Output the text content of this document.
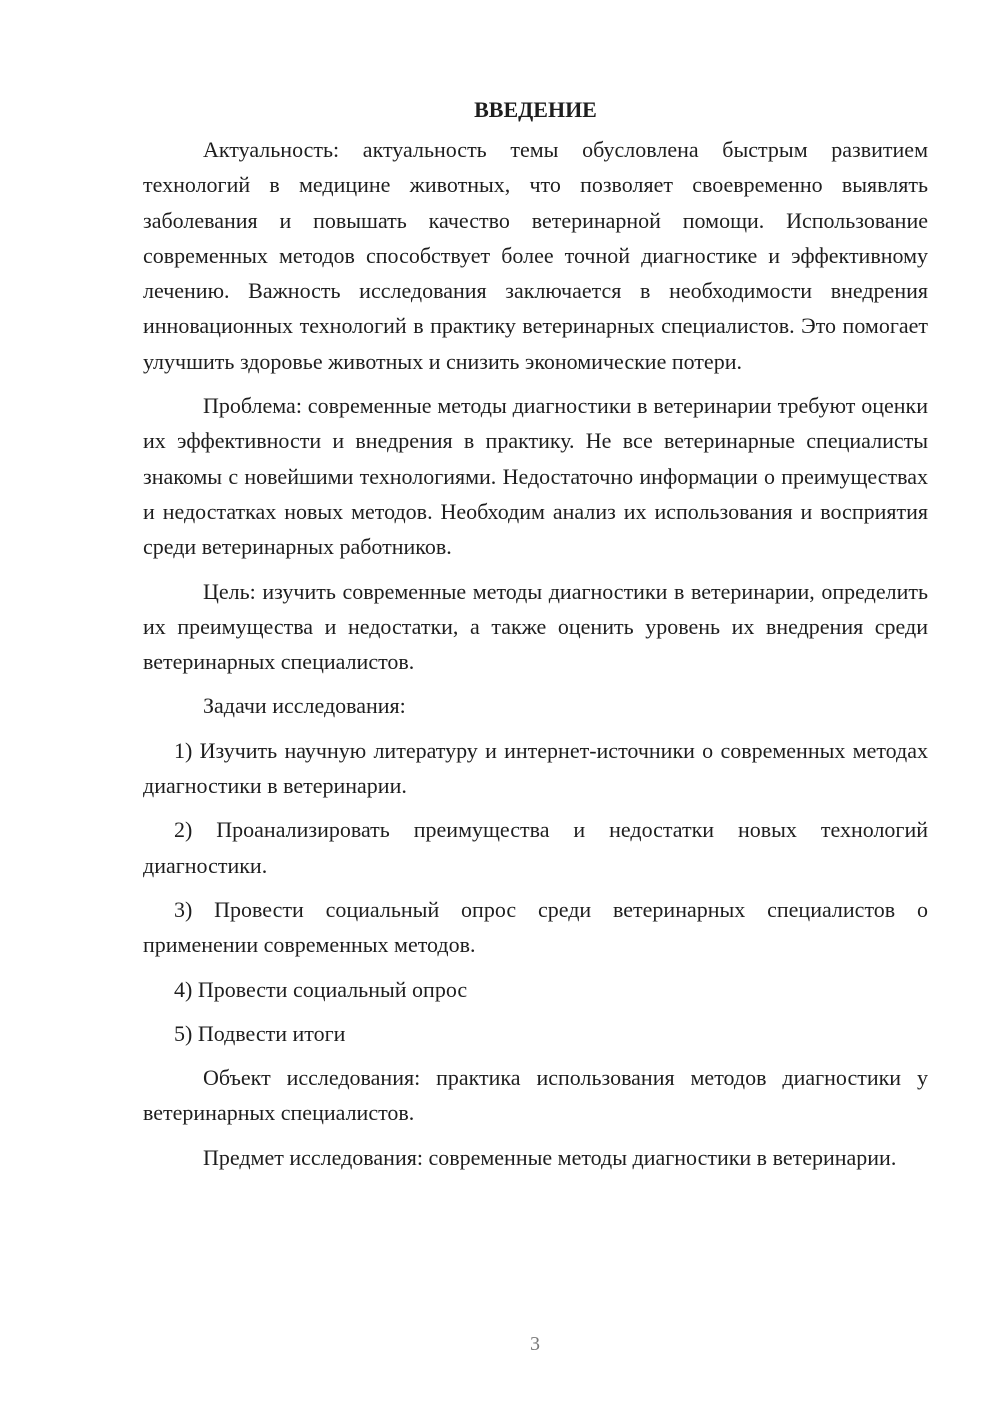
ВВЕДЕНИЕ

Актуальность: актуальность темы обусловлена быстрым развитием технологий в медицине животных, что позволяет своевременно выявлять заболевания и повышать качество ветеринарной помощи. Использование современных методов способствует более точной диагностике и эффективному лечению. Важность исследования заключается в необходимости внедрения инновационных технологий в практику ветеринарных специалистов. Это помогает улучшить здоровье животных и снизить экономические потери.

Проблема: современные методы диагностики в ветеринарии требуют оценки их эффективности и внедрения в практику. Не все ветеринарные специалисты знакомы с новейшими технологиями. Недостаточно информации о преимуществах и недостатках новых методов. Необходим анализ их использования и восприятия среди ветеринарных работников.

Цель: изучить современные методы диагностики в ветеринарии, определить их преимущества и недостатки, а также оценить уровень их внедрения среди ветеринарных специалистов.

Задачи исследования:

1) Изучить научную литературу и интернет-источники о современных методах диагностики в ветеринарии.

2) Проанализировать преимущества и недостатки новых технологий диагностики.

3) Провести социальный опрос среди ветеринарных специалистов о применении современных методов.

4) Провести социальный опрос

5) Подвести итоги

Объект исследования: практика использования методов диагностики у ветеринарных специалистов.

Предмет исследования: современные методы диагностики в ветеринарии.

3
